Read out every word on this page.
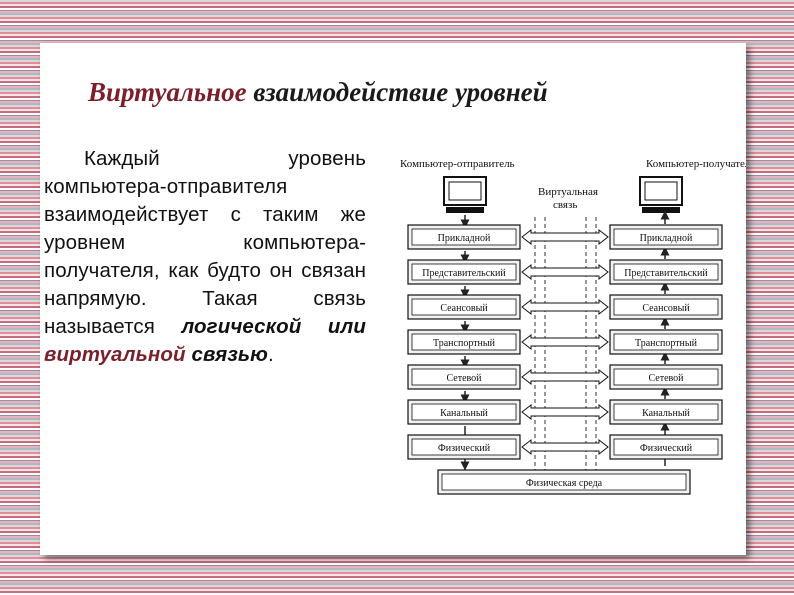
Виртуальное взаимодействие уровней
Каждый уровень компьютера-отправителя взаимодействует с таким же уровнем компьютера-получателя, как будто он связан напрямую. Такая связь называется логической или виртуальной связью.
Компьютер-отправитель	Компьютер-получатель
Виртуальная
связь
Прикладной	Прикладной
Представительский	Представительский
Сеансовый	Сеансовый
Транспортный	Транспортный
Сетевой	Сетевой
Канальный	Канальный
Физический	Физический
Физическая среда
